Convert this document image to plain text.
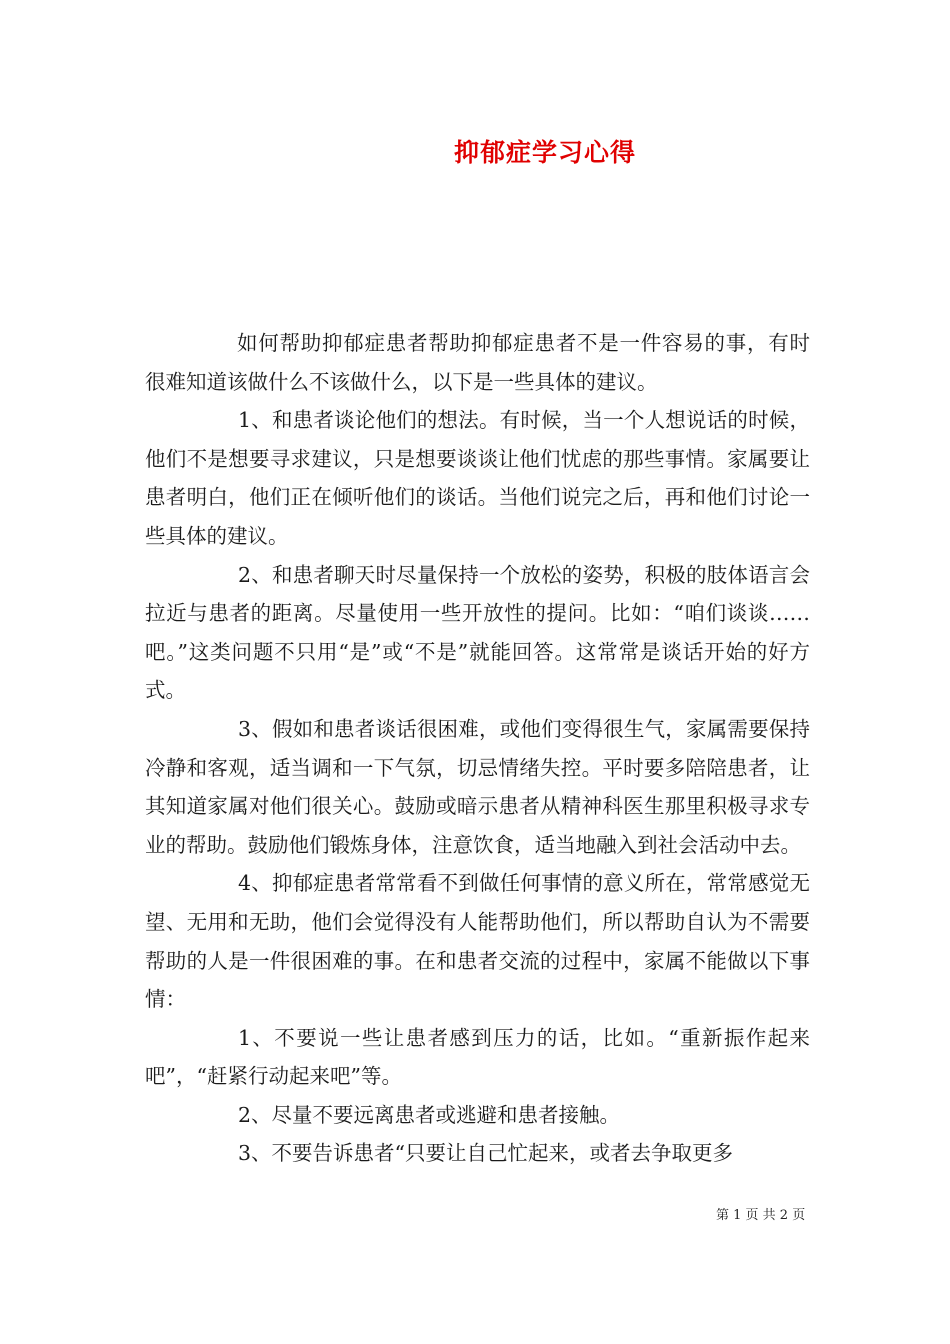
抑郁症学习心得

如何帮助抑郁症患者帮助抑郁症患者不是一件容易的事，有时很难知道该做什么不该做什么，以下是一些具体的建议。

1、和患者谈论他们的想法。有时候，当一个人想说话的时候，他们不是想要寻求建议，只是想要谈谈让他们忧虑的那些事情。家属要让患者明白，他们正在倾听他们的谈话。当他们说完之后，再和他们讨论一些具体的建议。

2、和患者聊天时尽量保持一个放松的姿势，积极的肢体语言会拉近与患者的距离。尽量使用一些开放性的提问。比如：“咱们谈谈……吧。”这类问题不只用“是”或“不是”就能回答。这常常是谈话开始的好方式。

3、假如和患者谈话很困难，或他们变得很生气，家属需要保持冷静和客观，适当调和一下气氛，切忌情绪失控。平时要多陪陪患者，让其知道家属对他们很关心。鼓励或暗示患者从精神科医生那里积极寻求专业的帮助。鼓励他们锻炼身体，注意饮食，适当地融入到社会活动中去。

4、抑郁症患者常常看不到做任何事情的意义所在，常常感觉无望、无用和无助，他们会觉得没有人能帮助他们，所以帮助自认为不需要帮助的人是一件很困难的事。在和患者交流的过程中，家属不能做以下事情：

1、不要说一些让患者感到压力的话，比如。“重新振作起来吧”，“赶紧行动起来吧”等。

2、尽量不要远离患者或逃避和患者接触。

3、不要告诉患者“只要让自己忙起来，或者去争取更多

第 1 页 共 2 页
